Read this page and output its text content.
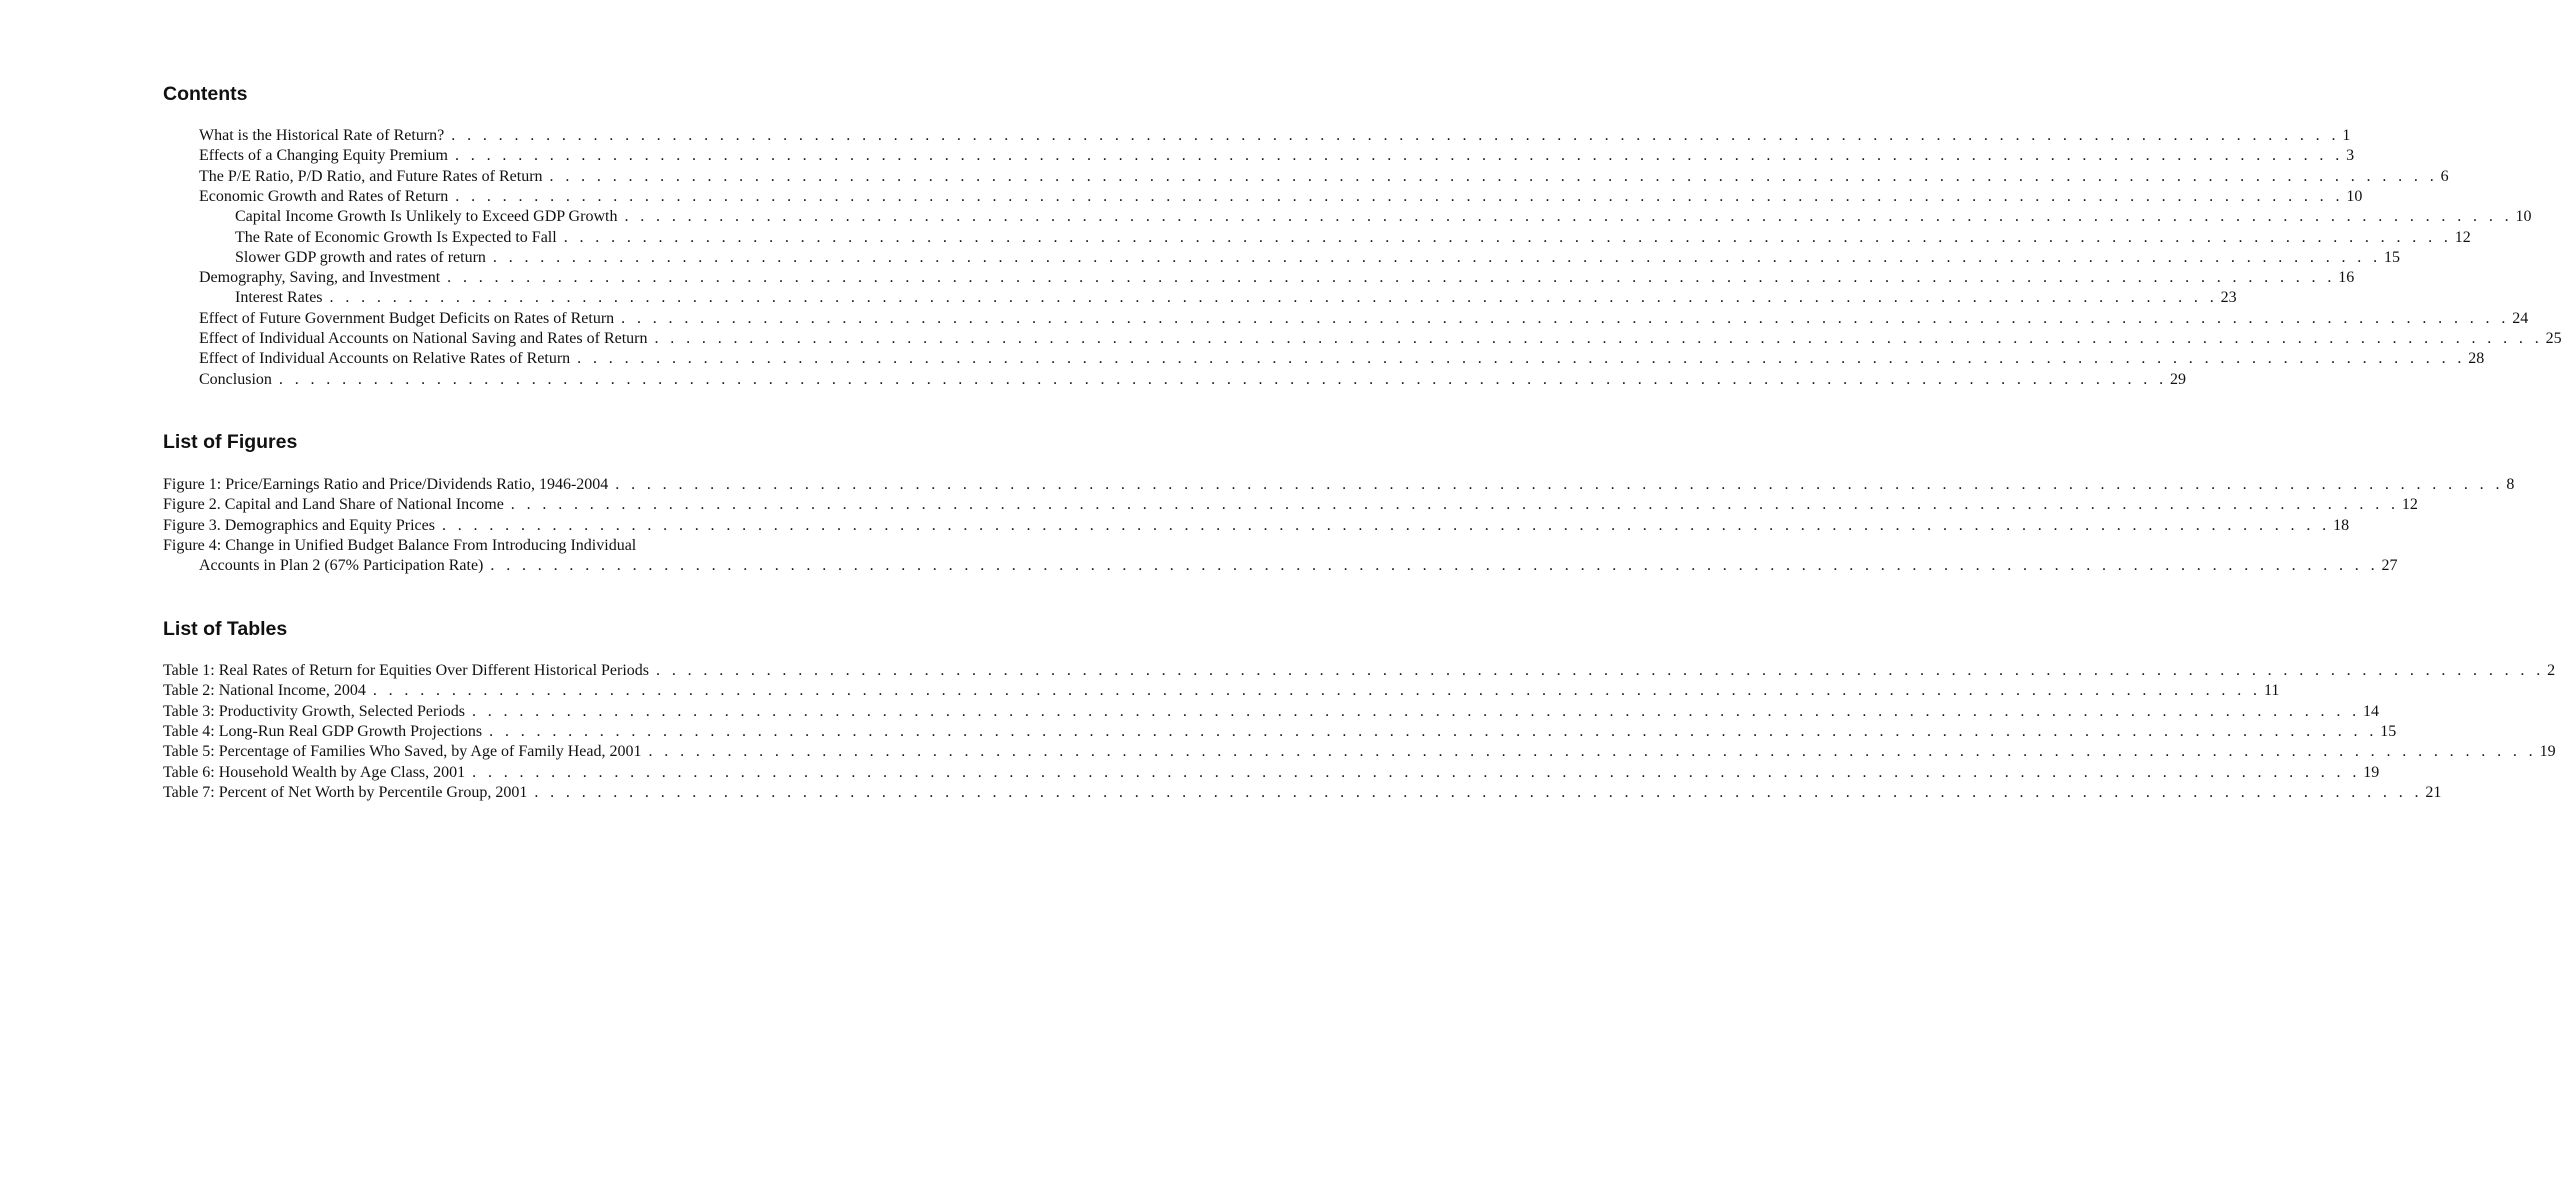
Contents
What is the Historical Rate of Return? . . . . . . . . . . . . . . . . . . . . . . . . . . . . . . . . . . . . . . . . . . . . . . . . . . . . . . . . . . . . . . . . . . . . . . . . . . . . . . . . . . . . . . . . . . . . . . . . . . . . . . . . . . . . . . . . . . . . . . . . 1
Effects of a Changing Equity Premium . . . . . . . . . . . . . . . . . . . . . . . . . . . . . . . . . . . . . . . . . . . . . . . . . . . . . . . . . . . . . . . . . . . . . . . . . . . . . . . . . . . . . . . . . . . . . . . . . . . . . . . . . . . . . . . . . . . . . . . . 3
The P/E Ratio, P/D Ratio, and Future Rates of Return . . . . . . . . . . . . . . . . . . . . . . . . . . . . . . . . . . . . . . . . . . . . . . . . . . . . . . . . . . . . . . . . . . . . . . . . . . . . . . . . . . . . . . . . . . . . . . . . . . . . . . . . . . . . . . . . . . . . . . . . 6
Economic Growth and Rates of Return . . . . . . . . . . . . . . . . . . . . . . . . . . . . . . . . . . . . . . . . . . . . . . . . . . . . . . . . . . . . . . . . . . . . . . . . . . . . . . . . . . . . . . . . . . . . . . . . . . . . . . . . . . . . . . . . . . . . . . . . 10
Capital Income Growth Is Unlikely to Exceed GDP Growth . . . . . . . . . . . . . . . . . . . . . . . . . . . . . . . . . . . . . . . . . . . . . . . . . . . . . . . . . . . . . . . . . . . . . . . . . . . . . . . . . . . . . . . . . . . . . . . . . . . . . . . . . . . . . . . . . . . . . . . . 10
The Rate of Economic Growth Is Expected to Fall . . . . . . . . . . . . . . . . . . . . . . . . . . . . . . . . . . . . . . . . . . . . . . . . . . . . . . . . . . . . . . . . . . . . . . . . . . . . . . . . . . . . . . . . . . . . . . . . . . . . . . . . . . . . . . . . . . . . . . . . 12
Slower GDP growth and rates of return . . . . . . . . . . . . . . . . . . . . . . . . . . . . . . . . . . . . . . . . . . . . . . . . . . . . . . . . . . . . . . . . . . . . . . . . . . . . . . . . . . . . . . . . . . . . . . . . . . . . . . . . . . . . . . . . . . . . . . . . 15
Demography, Saving, and Investment . . . . . . . . . . . . . . . . . . . . . . . . . . . . . . . . . . . . . . . . . . . . . . . . . . . . . . . . . . . . . . . . . . . . . . . . . . . . . . . . . . . . . . . . . . . . . . . . . . . . . . . . . . . . . . . . . . . . . . . . 16
Interest Rates . . . . . . . . . . . . . . . . . . . . . . . . . . . . . . . . . . . . . . . . . . . . . . . . . . . . . . . . . . . . . . . . . . . . . . . . . . . . . . . . . . . . . . . . . . . . . . . . . . . . . . . . . . . . . . . . . . . . . . . . 23
Effect of Future Government Budget Deficits on Rates of Return . . . . . . . . . . . . . . . . . . . . . . . . . . . . . . . . . . . . . . . . . . . . . . . . . . . . . . . . . . . . . . . . . . . . . . . . . . . . . . . . . . . . . . . . . . . . . . . . . . . . . . . . . . . . . . . . . . . . . . . . 24
Effect of Individual Accounts on National Saving and Rates of Return . . . . . . . . . . . . . . . . . . . . . . . . . . . . . . . . . . . . . . . . . . . . . . . . . . . . . . . . . . . . . . . . . . . . . . . . . . . . . . . . . . . . . . . . . . . . . . . . . . . . . . . . . . . . . . . . . . . . . . . . 25
Effect of Individual Accounts on Relative Rates of Return . . . . . . . . . . . . . . . . . . . . . . . . . . . . . . . . . . . . . . . . . . . . . . . . . . . . . . . . . . . . . . . . . . . . . . . . . . . . . . . . . . . . . . . . . . . . . . . . . . . . . . . . . . . . . . . . . . . . . . . . 28
Conclusion . . . . . . . . . . . . . . . . . . . . . . . . . . . . . . . . . . . . . . . . . . . . . . . . . . . . . . . . . . . . . . . . . . . . . . . . . . . . . . . . . . . . . . . . . . . . . . . . . . . . . . . . . . . . . . . . . . . . . . . . 29
List of Figures
Figure 1: Price/Earnings Ratio and Price/Dividends Ratio, 1946-2004 . . . . . . . . . . . . . . . . . . . . . . . . . . . . . . . . . . . . . . . . . . . . . . . . . . . . . . . . . . . . . . . . . . . . . . . . . . . . . . . . . . . . . . . . . . . . . . . . . . . . . . . . . . . . . . . . . . . . . . . . 8
Figure 2. Capital and Land Share of National Income . . . . . . . . . . . . . . . . . . . . . . . . . . . . . . . . . . . . . . . . . . . . . . . . . . . . . . . . . . . . . . . . . . . . . . . . . . . . . . . . . . . . . . . . . . . . . . . . . . . . . . . . . . . . . . . . . . . . . . . . 12
Figure 3. Demographics and Equity Prices . . . . . . . . . . . . . . . . . . . . . . . . . . . . . . . . . . . . . . . . . . . . . . . . . . . . . . . . . . . . . . . . . . . . . . . . . . . . . . . . . . . . . . . . . . . . . . . . . . . . . . . . . . . . . . . . . . . . . . . . 18
Figure 4: Change in Unified Budget Balance From Introducing Individual
Accounts in Plan 2 (67% Participation Rate) . . . . . . . . . . . . . . . . . . . . . . . . . . . . . . . . . . . . . . . . . . . . . . . . . . . . . . . . . . . . . . . . . . . . . . . . . . . . . . . . . . . . . . . . . . . . . . . . . . . . . . . . . . . . . . . . . . . . . . . . 27
List of Tables
Table 1: Real Rates of Return for Equities Over Different Historical Periods . . . . . . . . . . . . . . . . . . . . . . . . . . . . . . . . . . . . . . . . . . . . . . . . . . . . . . . . . . . . . . . . . . . . . . . . . . . . . . . . . . . . . . . . . . . . . . . . . . . . . . . . . . . . . . . . . . . . . . . . 2
Table 2: National Income, 2004 . . . . . . . . . . . . . . . . . . . . . . . . . . . . . . . . . . . . . . . . . . . . . . . . . . . . . . . . . . . . . . . . . . . . . . . . . . . . . . . . . . . . . . . . . . . . . . . . . . . . . . . . . . . . . . . . . . . . . . . . 11
Table 3: Productivity Growth, Selected Periods . . . . . . . . . . . . . . . . . . . . . . . . . . . . . . . . . . . . . . . . . . . . . . . . . . . . . . . . . . . . . . . . . . . . . . . . . . . . . . . . . . . . . . . . . . . . . . . . . . . . . . . . . . . . . . . . . . . . . . . . 14
Table 4: Long-Run Real GDP Growth Projections . . . . . . . . . . . . . . . . . . . . . . . . . . . . . . . . . . . . . . . . . . . . . . . . . . . . . . . . . . . . . . . . . . . . . . . . . . . . . . . . . . . . . . . . . . . . . . . . . . . . . . . . . . . . . . . . . . . . . . . . 15
Table 5: Percentage of Families Who Saved, by Age of Family Head, 2001 . . . . . . . . . . . . . . . . . . . . . . . . . . . . . . . . . . . . . . . . . . . . . . . . . . . . . . . . . . . . . . . . . . . . . . . . . . . . . . . . . . . . . . . . . . . . . . . . . . . . . . . . . . . . . . . . . . . . . . . . 19
Table 6: Household Wealth by Age Class, 2001 . . . . . . . . . . . . . . . . . . . . . . . . . . . . . . . . . . . . . . . . . . . . . . . . . . . . . . . . . . . . . . . . . . . . . . . . . . . . . . . . . . . . . . . . . . . . . . . . . . . . . . . . . . . . . . . . . . . . . . . . 19
Table 7: Percent of Net Worth by Percentile Group, 2001 . . . . . . . . . . . . . . . . . . . . . . . . . . . . . . . . . . . . . . . . . . . . . . . . . . . . . . . . . . . . . . . . . . . . . . . . . . . . . . . . . . . . . . . . . . . . . . . . . . . . . . . . . . . . . . . . . . . . . . . . 21
